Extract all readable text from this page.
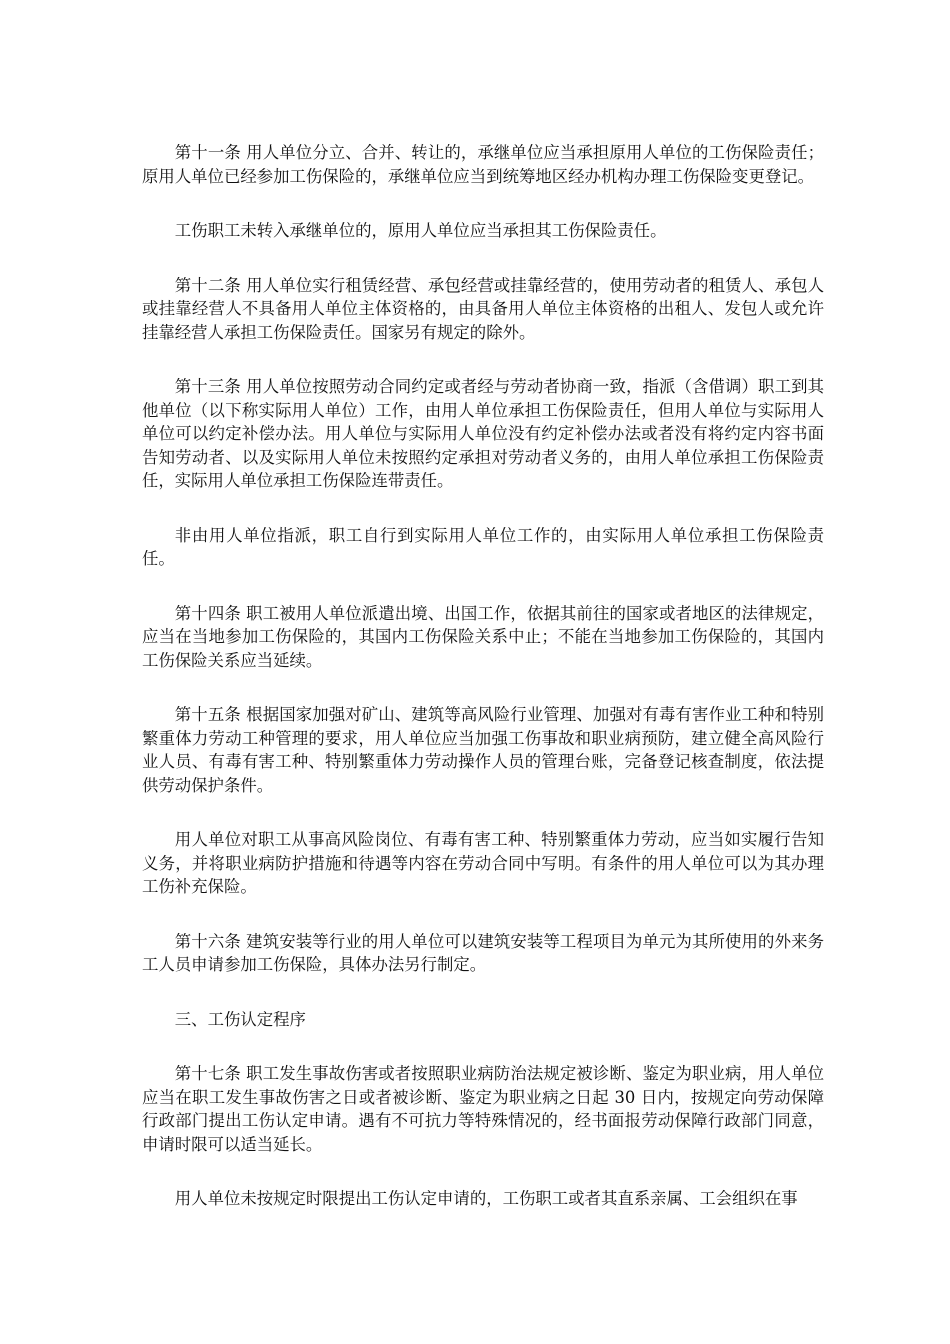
第十一条 用人单位分立、合并、转让的，承继单位应当承担原用人单位的工伤保险责任；原用人单位已经参加工伤保险的，承继单位应当到统筹地区经办机构办理工伤保险变更登记。

工伤职工未转入承继单位的，原用人单位应当承担其工伤保险责任。

第十二条 用人单位实行租赁经营、承包经营或挂靠经营的，使用劳动者的租赁人、承包人或挂靠经营人不具备用人单位主体资格的，由具备用人单位主体资格的出租人、发包人或允许挂靠经营人承担工伤保险责任。国家另有规定的除外。

第十三条 用人单位按照劳动合同约定或者经与劳动者协商一致，指派（含借调）职工到其他单位（以下称实际用人单位）工作，由用人单位承担工伤保险责任，但用人单位与实际用人单位可以约定补偿办法。用人单位与实际用人单位没有约定补偿办法或者没有将约定内容书面告知劳动者、以及实际用人单位未按照约定承担对劳动者义务的，由用人单位承担工伤保险责任，实际用人单位承担工伤保险连带责任。

非由用人单位指派，职工自行到实际用人单位工作的，由实际用人单位承担工伤保险责任。

第十四条 职工被用人单位派遣出境、出国工作，依据其前往的国家或者地区的法律规定，应当在当地参加工伤保险的，其国内工伤保险关系中止；不能在当地参加工伤保险的，其国内工伤保险关系应当延续。

第十五条 根据国家加强对矿山、建筑等高风险行业管理、加强对有毒有害作业工种和特别繁重体力劳动工种管理的要求，用人单位应当加强工伤事故和职业病预防，建立健全高风险行业人员、有毒有害工种、特别繁重体力劳动操作人员的管理台账，完备登记核查制度，依法提供劳动保护条件。

用人单位对职工从事高风险岗位、有毒有害工种、特别繁重体力劳动，应当如实履行告知义务，并将职业病防护措施和待遇等内容在劳动合同中写明。有条件的用人单位可以为其办理工伤补充保险。

第十六条 建筑安装等行业的用人单位可以建筑安装等工程项目为单元为其所使用的外来务工人员申请参加工伤保险，具体办法另行制定。

三、工伤认定程序

第十七条 职工发生事故伤害或者按照职业病防治法规定被诊断、鉴定为职业病，用人单位应当在职工发生事故伤害之日或者被诊断、鉴定为职业病之日起 30 日内，按规定向劳动保障行政部门提出工伤认定申请。遇有不可抗力等特殊情况的，经书面报劳动保障行政部门同意，申请时限可以适当延长。

用人单位未按规定时限提出工伤认定申请的，工伤职工或者其直系亲属、工会组织在事
